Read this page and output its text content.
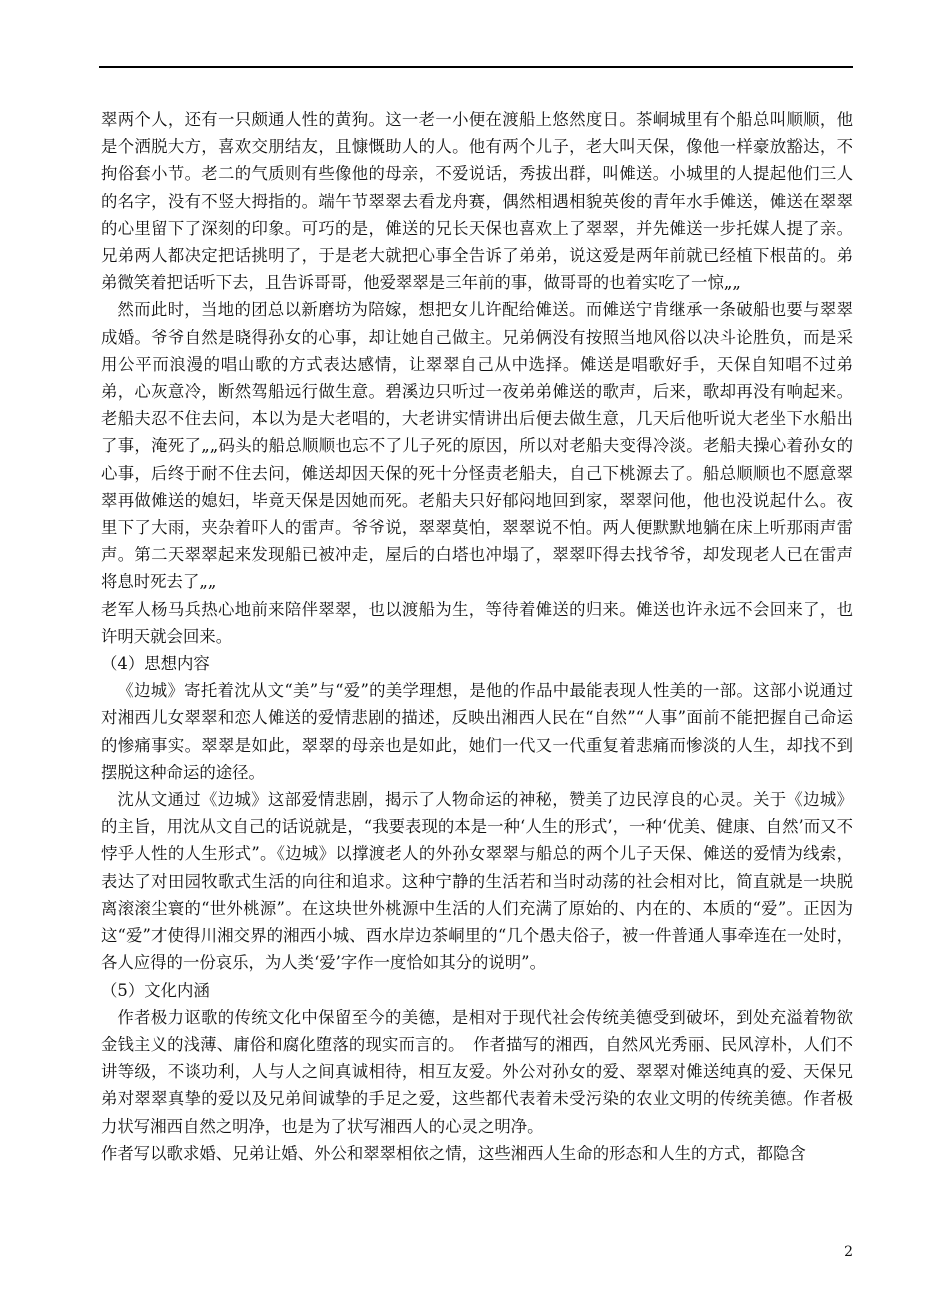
翠两个人，还有一只颇通人性的黄狗。这一老一小便在渡船上悠然度日。茶峒城里有个船总叫顺顺，他是个洒脱大方，喜欢交朋结友，且慷慨助人的人。他有两个儿子，老大叫天保，像他一样豪放豁达，不拘俗套小节。老二的气质则有些像他的母亲，不爱说话，秀拔出群，叫傩送。小城里的人提起他们三人的名字，没有不竖大拇指的。端午节翠翠去看龙舟赛，偶然相遇相貌英俊的青年水手傩送，傩送在翠翠的心里留下了深刻的印象。可巧的是，傩送的兄长天保也喜欢上了翠翠，并先傩送一步托媒人提了亲。兄弟两人都决定把话挑明了，于是老大就把心事全告诉了弟弟，说这爱是两年前就已经植下根苗的。弟弟微笑着把话听下去，且告诉哥哥，他爱翠翠是三年前的事，做哥哥的也着实吃了一惊„„

然而此时，当地的团总以新磨坊为陪嫁，想把女儿许配给傩送。而傩送宁肯继承一条破船也要与翠翠成婚。爷爷自然是晓得孙女的心事，却让她自己做主。兄弟俩没有按照当地风俗以决斗论胜负，而是采用公平而浪漫的唱山歌的方式表达感情，让翠翠自己从中选择。傩送是唱歌好手，天保自知唱不过弟弟，心灰意冷，断然驾船远行做生意。碧溪边只听过一夜弟弟傩送的歌声，后来，歌却再没有响起来。老船夫忍不住去问，本以为是大老唱的，大老讲实情讲出后便去做生意，几天后他听说大老坐下水船出了事，淹死了„„码头的船总顺顺也忘不了儿子死的原因，所以对老船夫变得冷淡。老船夫操心着孙女的心事，后终于耐不住去问，傩送却因天保的死十分怪责老船夫，自己下桃源去了。船总顺顺也不愿意翠翠再做傩送的媳妇，毕竟天保是因她而死。老船夫只好郁闷地回到家，翠翠问他，他也没说起什么。夜里下了大雨，夹杂着吓人的雷声。爷爷说，翠翠莫怕，翠翠说不怕。两人便默默地躺在床上听那雨声雷声。第二天翠翠起来发现船已被冲走，屋后的白塔也冲塌了，翠翠吓得去找爷爷，却发现老人已在雷声将息时死去了„„

老军人杨马兵热心地前来陪伴翠翠，也以渡船为生，等待着傩送的归来。傩送也许永远不会回来了，也许明天就会回来。

（4）思想内容

《边城》寄托着沈从文“美”与“爱”的美学理想，是他的作品中最能表现人性美的一部。这部小说通过对湘西儿女翠翠和恋人傩送的爱情悲剧的描述，反映出湘西人民在“自然”“人事”面前不能把握自己命运的惨痛事实。翠翠是如此，翠翠的母亲也是如此，她们一代又一代重复着悲痛而惨淡的人生，却找不到摆脱这种命运的途径。

沈从文通过《边城》这部爱情悲剧，揭示了人物命运的神秘，赞美了边民淳良的心灵。关于《边城》的主旨，用沈从文自己的话说就是，“我要表现的本是一种‘人生的形式’，一种‘优美、健康、自然’而又不悖乎人性的人生形式”。《边城》以撑渡老人的外孙女翠翠与船总的两个儿子天保、傩送的爱情为线索，表达了对田园牧歌式生活的向往和追求。这种宁静的生活若和当时动荡的社会相对比，简直就是一块脱离滚滚尘寰的“世外桃源”。在这块世外桃源中生活的人们充满了原始的、内在的、本质的“爱”。正因为这“爱”才使得川湘交界的湘西小城、酉水岸边茶峒里的“几个愚夫俗子，被一件普通人事牵连在一处时，各人应得的一份哀乐，为人类‘爱’字作一度恰如其分的说明”。

（5）文化内涵

作者极力讴歌的传统文化中保留至今的美德，是相对于现代社会传统美德受到破坏，到处充溢着物欲金钱主义的浅薄、庸俗和腐化堕落的现实而言的。　作者描写的湘西，自然风光秀丽、民风淳朴，人们不讲等级，不谈功利，人与人之间真诚相待，相互友爱。外公对孙女的爱、翠翠对傩送纯真的爱、天保兄弟对翠翠真挚的爱以及兄弟间诚挚的手足之爱，这些都代表着未受污染的农业文明的传统美德。作者极力状写湘西自然之明净，也是为了状写湘西人的心灵之明净。

作者写以歌求婚、兄弟让婚、外公和翠翠相依之情，这些湘西人生命的形态和人生的方式，都隐含

2
